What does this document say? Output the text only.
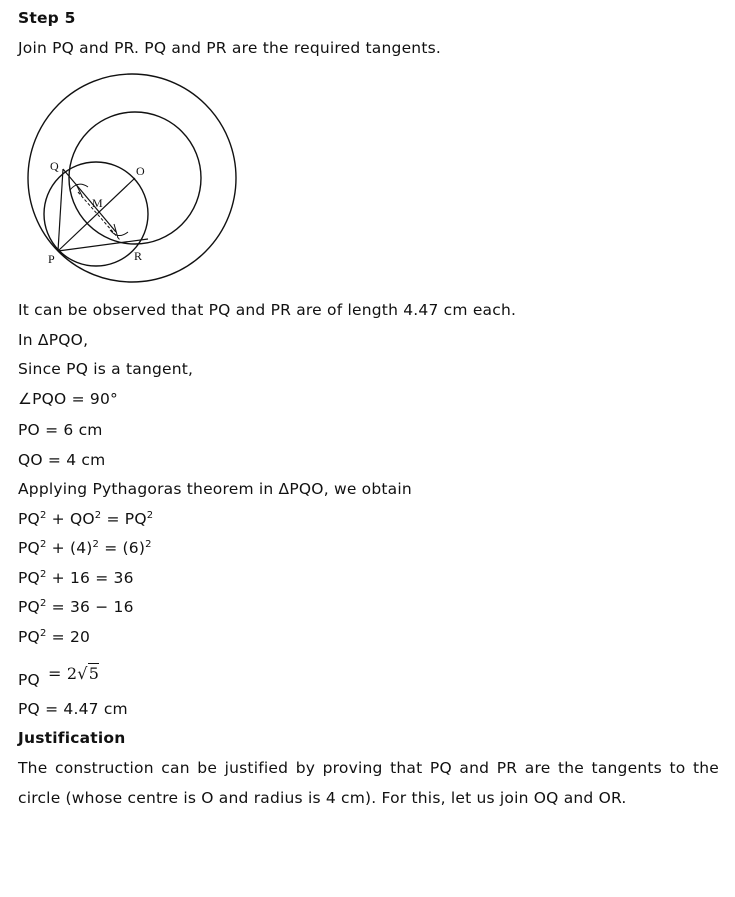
Step 5
Join PQ and PR. PQ and PR are the required tangents.
Q	O
M
P	R
It can be observed that PQ and PR are of length 4.47 cm each.
In ΔPQO,
Since PQ is a tangent,
∠PQO = 90°
PO = 6 cm
QO = 4 cm
Applying Pythagoras theorem in ΔPQO, we obtain
$PQ^2 + QO^2 = PQ^2$
$PQ^2 + (4)^2 = (6)^2$
$PQ^2 + 16 = 36$
$PQ^2 = 36 - 16$
$PQ^2 = 20$
PQ = 2√5
PQ = 4.47 cm
Justification

The construction can be justified by proving that PQ and PR are the tangents to the circle (whose centre is O and radius is 4 cm). For this, let us join OQ and OR.
